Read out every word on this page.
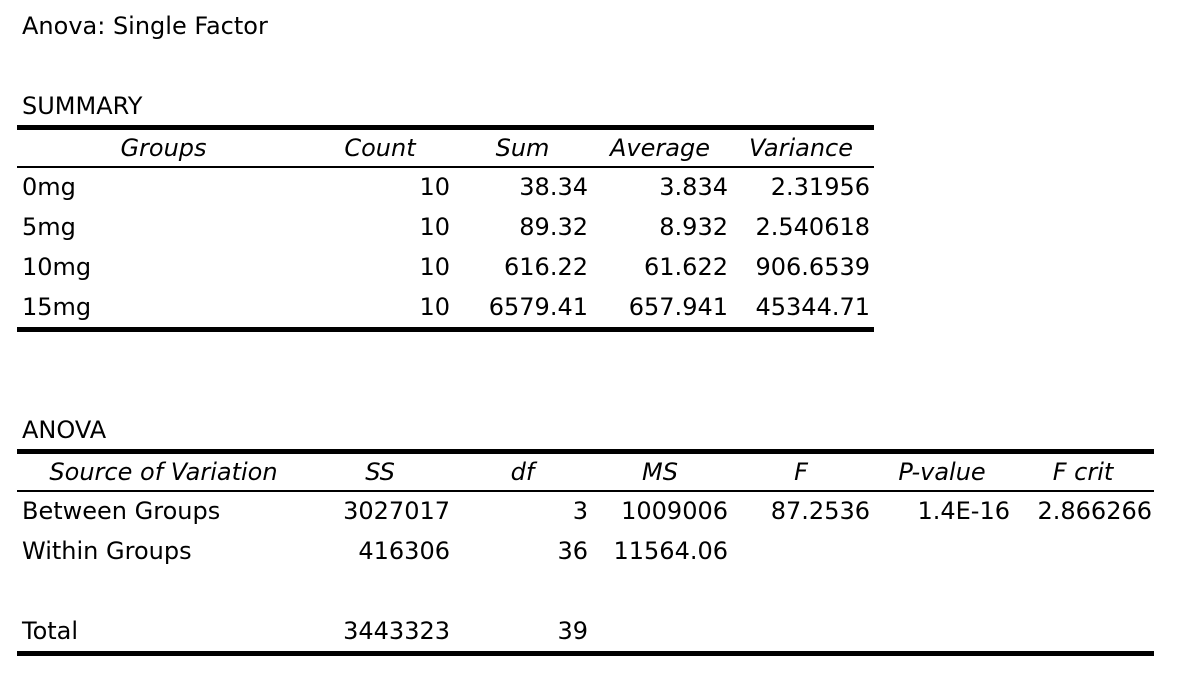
Anova: Single Factor
SUMMARY
Groups	Count	Sum	Average	Variance
0mg	10	38.34	3.834	2.31956
5mg	10	89.32	8.932	2.540618
10mg	10	616.22	61.622	906.6539
15mg	10	6579.41	657.941	45344.71
ANOVA
Source of Variation	SS	df	MS	F	P-value	F crit
Between Groups	3027017	3	1009006	87.2536	1.4E-16	2.866266
Within Groups	416306	36	11564.06
Total	3443323	39
